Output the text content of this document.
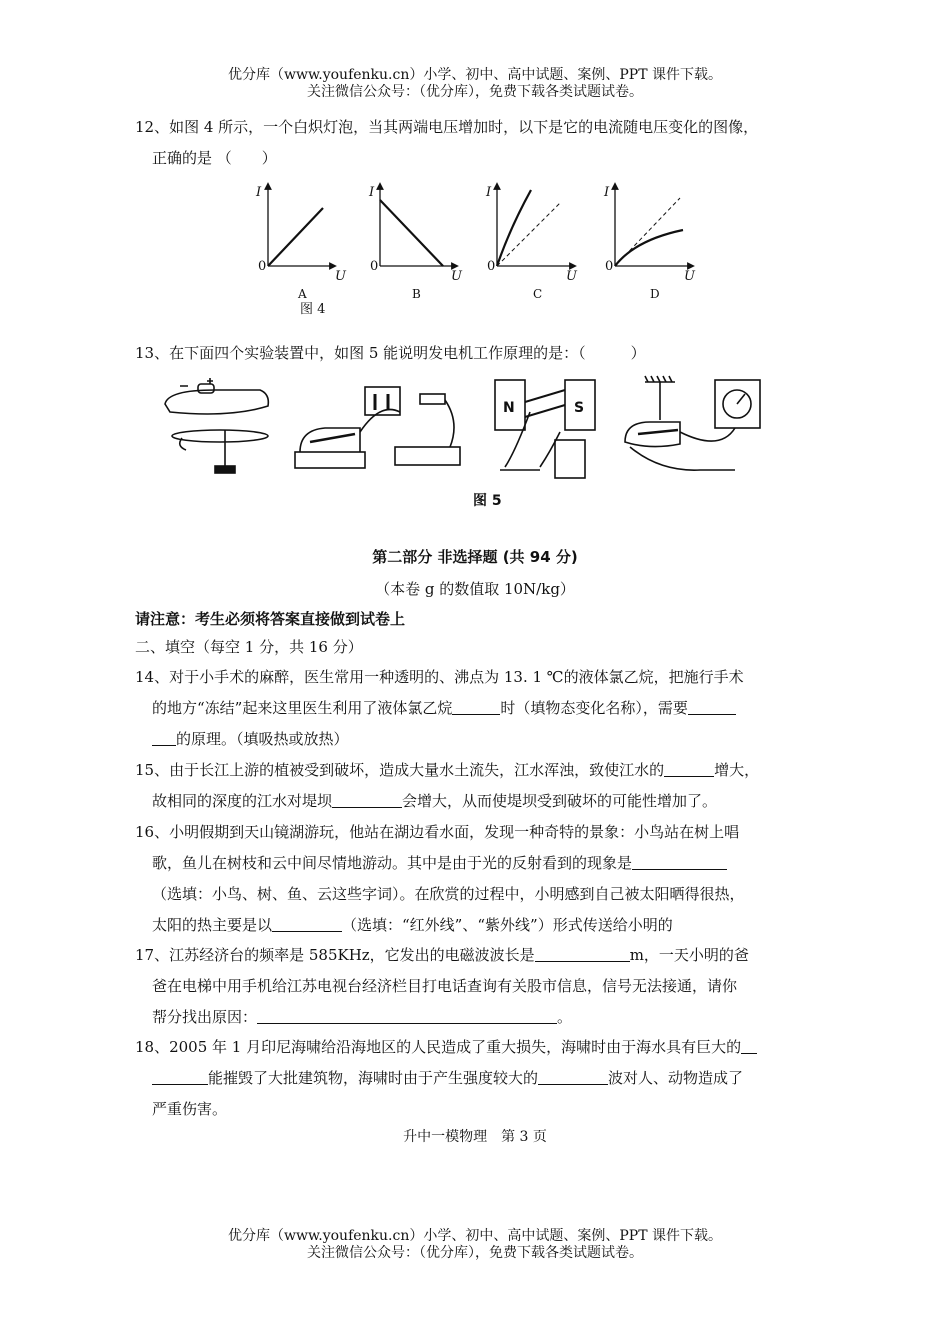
优分库（www.youfenku.cn）小学、初中、高中试题、案例、PPT 课件下载。
关注微信公众号：（优分库），免费下载各类试题试卷。
12、如图 4 所示，一个白炽灯泡，当其两端电压增加时，以下是它的电流随电压变化的图像，
正确的是 （　　）
I
0
U
A
I
0
U
B
I
0
U
C
I
0
U
D
图 4
13、在下面四个实验装置中，如图 5 能说明发电机工作原理的是：（　　　）
N	S
图 5
第二部分 非选择题 (共 94 分)
（本卷 g 的数值取 10N/kg）
请注意：考生必须将答案直接做到试卷上
二、填空（每空 1 分，共 16 分）
14、对于小手术的麻醉，医生常用一种透明的、沸点为 13. 1 ℃的液体氯乙烷，把施行手术
的地方“冻结”起来这里医生利用了液体氯乙烷	时（填物态变化名称），需要
的原理。（填吸热或放热）
15、由于长江上游的植被受到破坏，造成大量水土流失，江水浑浊，致使江水的	增大，
故相同的深度的江水对堤坝	会增大，从而使堤坝受到破坏的可能性增加了。
16、小明假期到天山镜湖游玩，他站在湖边看水面，发现一种奇特的景象：小鸟站在树上唱
歌，鱼儿在树枝和云中间尽情地游动。其中是由于光的反射看到的现象是
（选填：小鸟、树、鱼、云这些字词）。在欣赏的过程中，小明感到自己被太阳晒得很热，
太阳的热主要是以	（选填：“红外线”、“紫外线”）形式传送给小明的
17、江苏经济台的频率是 585KHz，它发出的电磁波波长是	m，一天小明的爸
爸在电梯中用手机给江苏电视台经济栏目打电话查询有关股市信息，信号无法接通，请你
帮分找出原因：	。
18、2005 年 1 月印尼海啸给沿海地区的人民造成了重大损失，海啸时由于海水具有巨大的
能摧毁了大批建筑物，海啸时由于产生强度较大的	波对人、动物造成了
严重伤害。
升中一模物理　第 3 页
优分库（www.youfenku.cn）小学、初中、高中试题、案例、PPT 课件下载。
关注微信公众号：（优分库），免费下载各类试题试卷。
